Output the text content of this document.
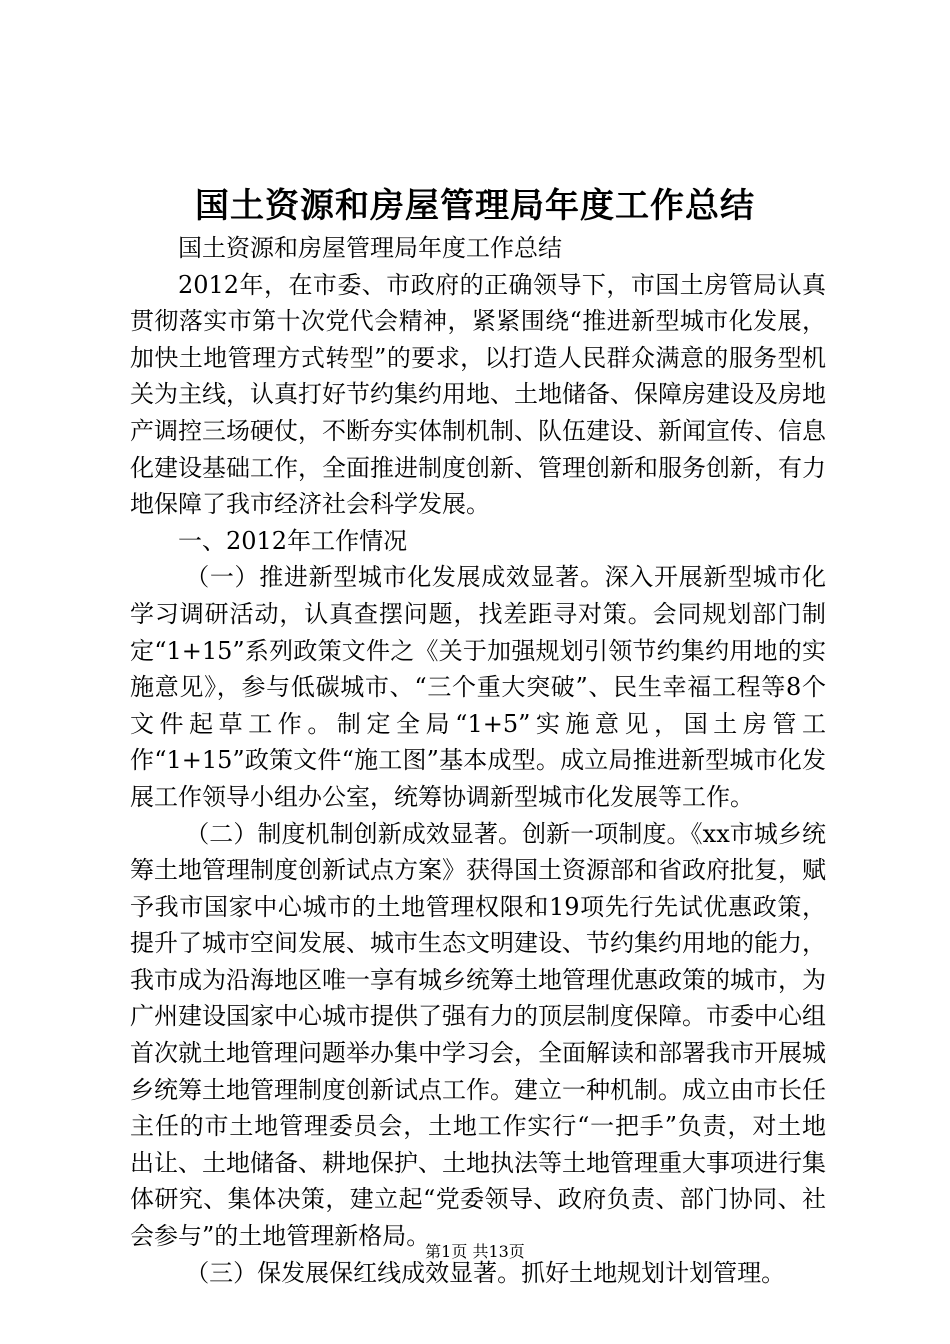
国土资源和房屋管理局年度工作总结

国土资源和房屋管理局年度工作总结

2012年，在市委、市政府的正确领导下，市国土房管局认真贯彻落实市第十次党代会精神，紧紧围绕“推进新型城市化发展，加快土地管理方式转型”的要求，以打造人民群众满意的服务型机关为主线，认真打好节约集约用地、土地储备、保障房建设及房地产调控三场硬仗，不断夯实体制机制、队伍建设、新闻宣传、信息化建设基础工作，全面推进制度创新、管理创新和服务创新，有力地保障了我市经济社会科学发展。

一、2012年工作情况

（一）推进新型城市化发展成效显著。深入开展新型城市化学习调研活动，认真查摆问题，找差距寻对策。会同规划部门制定“1+15”系列政策文件之《关于加强规划引领节约集约用地的实施意见》，参与低碳城市、“三个重大突破”、民生幸福工程等8个文件起草工作。制定全局“1+5”实施意见，国土房管工作“1+15”政策文件“施工图”基本成型。成立局推进新型城市化发展工作领导小组办公室，统筹协调新型城市化发展等工作。

（二）制度机制创新成效显著。创新一项制度。《xx市城乡统筹土地管理制度创新试点方案》获得国土资源部和省政府批复，赋予我市国家中心城市的土地管理权限和19项先行先试优惠政策，提升了城市空间发展、城市生态文明建设、节约集约用地的能力，我市成为沿海地区唯一享有城乡统筹土地管理优惠政策的城市，为广州建设国家中心城市提供了强有力的顶层制度保障。市委中心组首次就土地管理问题举办集中学习会，全面解读和部署我市开展城乡统筹土地管理制度创新试点工作。建立一种机制。成立由市长任主任的市土地管理委员会，土地工作实行“一把手”负责，对土地出让、土地储备、耕地保护、土地执法等土地管理重大事项进行集体研究、集体决策，建立起“党委领导、政府负责、部门协同、社会参与”的土地管理新格局。

（三）保发展保红线成效显著。抓好土地规划计划管理。

第1页 共13页
